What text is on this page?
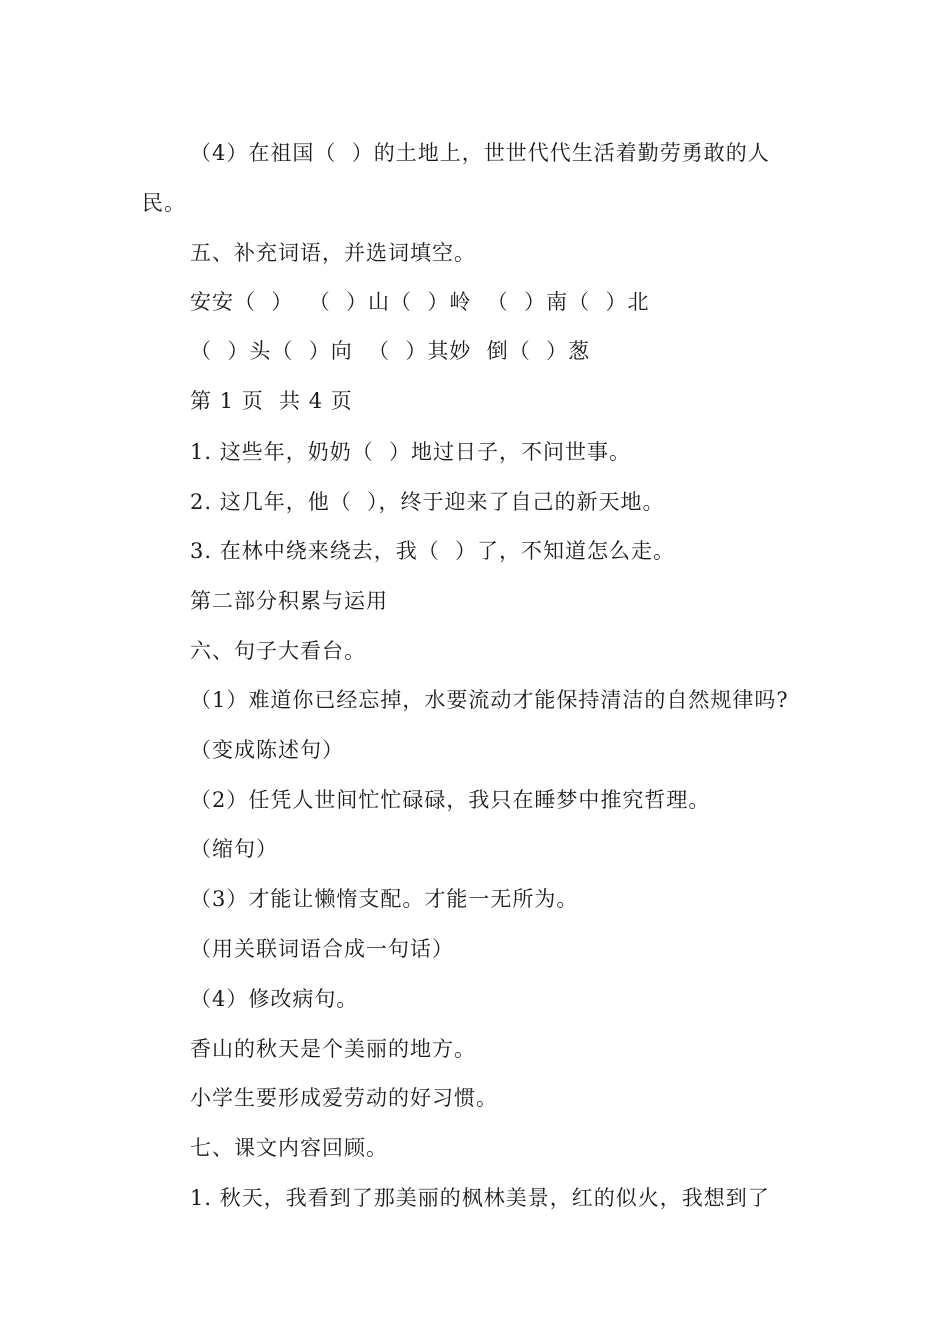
（4）在祖国（  ）的土地上，世世代代生活着勤劳勇敢的人
民。
五、补充词语，并选词填空。
安安（  ）  （  ）山（  ）岭  （  ）南（  ）北
（  ）头（  ）向  （  ）其妙  倒（  ）葱
第 1 页  共 4 页
1. 这些年，奶奶（  ）地过日子，不问世事。
2. 这几年，他（  ），终于迎来了自己的新天地。
3. 在林中绕来绕去，我（  ）了，不知道怎么走。
第二部分积累与运用
六、句子大看台。
（1）难道你已经忘掉，水要流动才能保持清洁的自然规律吗?
（变成陈述句）
（2）任凭人世间忙忙碌碌，我只在睡梦中推究哲理。
（缩句）
（3）才能让懒惰支配。才能一无所为。
（用关联词语合成一句话）
（4）修改病句。
香山的秋天是个美丽的地方。
小学生要形成爱劳动的好习惯。
七、课文内容回顾。
1. 秋天，我看到了那美丽的枫林美景，红的似火，我想到了
